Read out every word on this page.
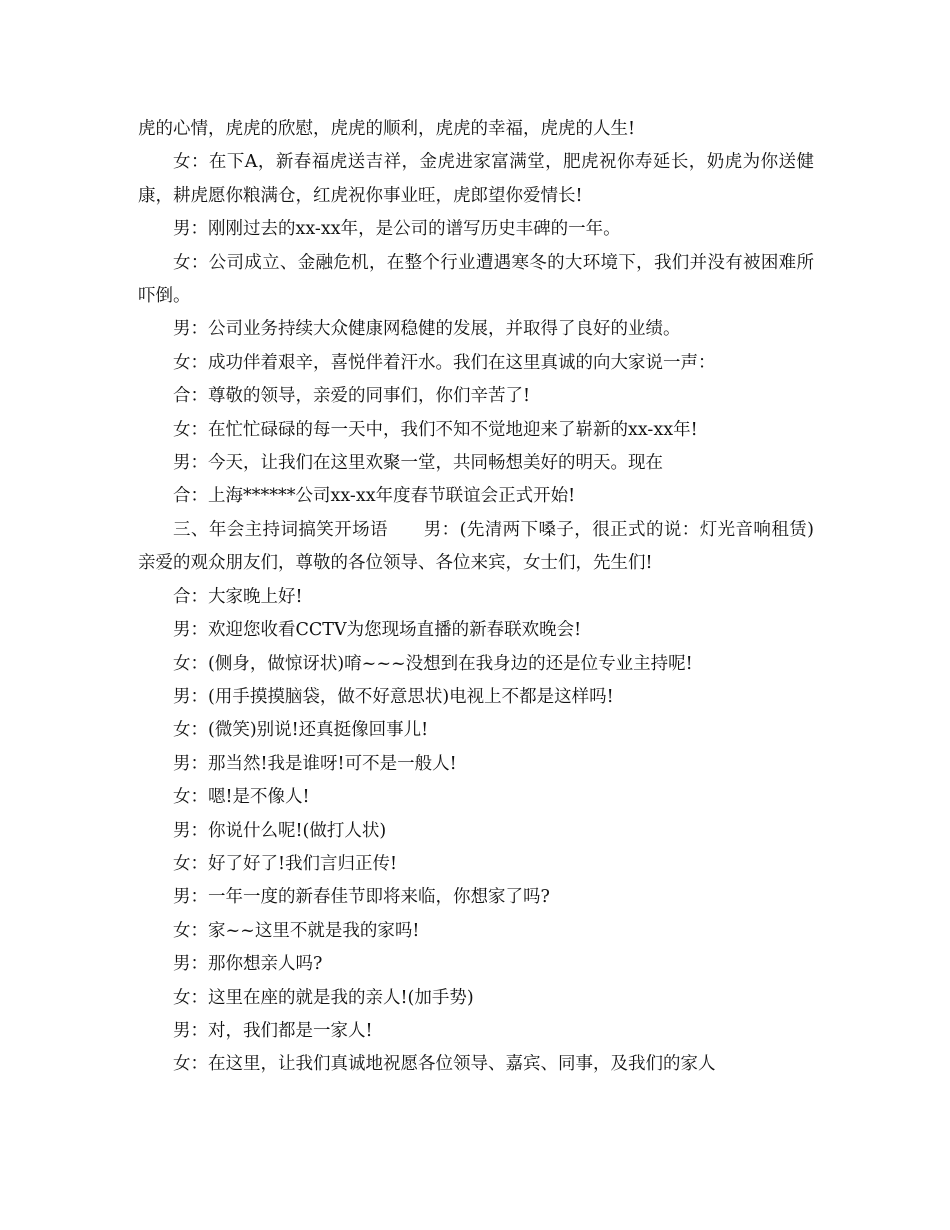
虎的心情，虎虎的欣慰，虎虎的顺利，虎虎的幸福，虎虎的人生!

女：在下A，新春福虎送吉祥，金虎进家富满堂，肥虎祝你寿延长，奶虎为你送健康，耕虎愿你粮满仓，红虎祝你事业旺，虎郎望你爱情长!

男：刚刚过去的xx-xx年，是公司的谱写历史丰碑的一年。

女：公司成立、金融危机，在整个行业遭遇寒冬的大环境下，我们并没有被困难所吓倒。

男：公司业务持续大众健康网稳健的发展，并取得了良好的业绩。

女：成功伴着艰辛，喜悦伴着汗水。我们在这里真诚的向大家说一声：

合：尊敬的领导，亲爱的同事们，你们辛苦了!

女：在忙忙碌碌的每一天中，我们不知不觉地迎来了崭新的xx-xx年!

男：今天，让我们在这里欢聚一堂，共同畅想美好的明天。现在

合：上海******公司xx-xx年度春节联谊会正式开始!

三、年会主持词搞笑开场语　　男：(先清两下嗓子，很正式的说：灯光音响租赁)亲爱的观众朋友们，尊敬的各位领导、各位来宾，女士们，先生们!

合：大家晚上好!

男：欢迎您收看CCTV为您现场直播的新春联欢晚会!

女：(侧身，做惊讶状)唷~~~没想到在我身边的还是位专业主持呢!

男：(用手摸摸脑袋，做不好意思状)电视上不都是这样吗!

女：(微笑)别说!还真挺像回事儿!

男：那当然!我是谁呀!可不是一般人!

女：嗯!是不像人!

男：你说什么呢!(做打人状)

女：好了好了!我们言归正传!

男：一年一度的新春佳节即将来临，你想家了吗?

女：家~~这里不就是我的家吗!

男：那你想亲人吗?

女：这里在座的就是我的亲人!(加手势)

男：对，我们都是一家人!

女：在这里，让我们真诚地祝愿各位领导、嘉宾、同事，及我们的家人
